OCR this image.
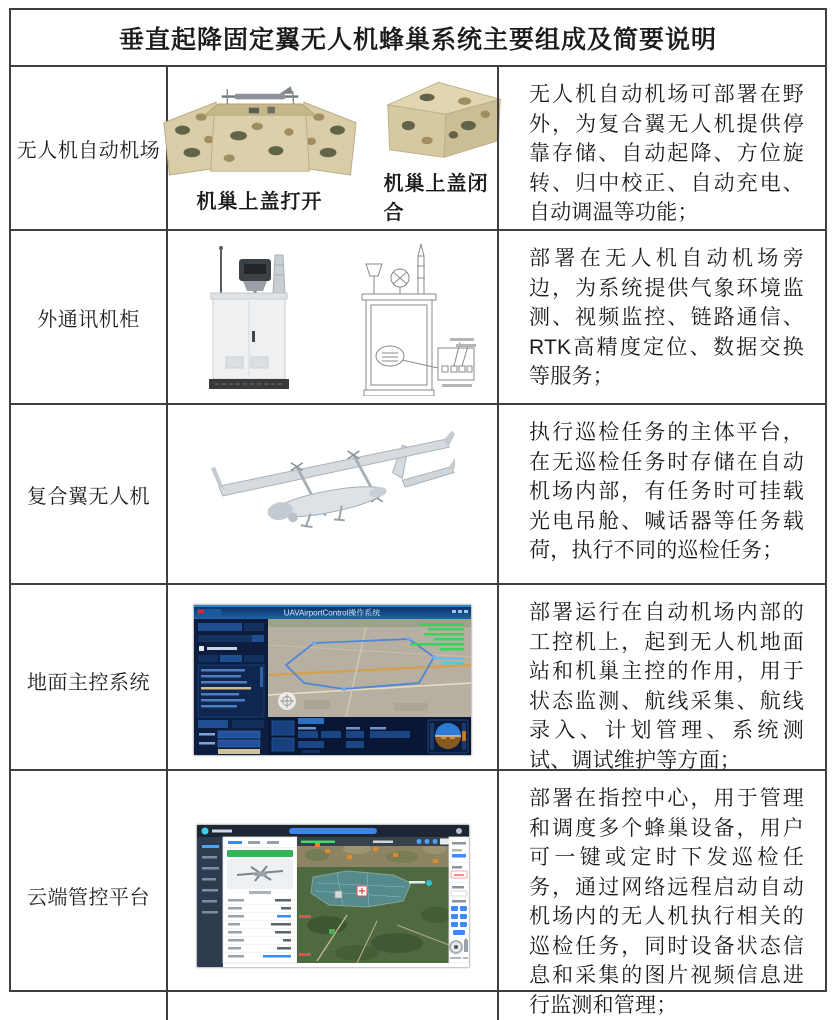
垂直起降固定翼无人机蜂巢系统主要组成及简要说明
无人机自动机场
机巢上盖打开
机巢上盖闭合
无人机自动机场可部署在野外，为复合翼无人机提供停靠存储、自动起降、方位旋转、归中校正、自动充电、自动调温等功能；
外通讯机柜
部署在无人机自动机场旁边，为系统提供气象环境监测、视频监控、链路通信、RTK高精度定位、数据交换等服务；
复合翼无人机
执行巡检任务的主体平台，在无巡检任务时存储在自动机场内部，有任务时可挂载光电吊舱、喊话器等任务载荷，执行不同的巡检任务；
地面主控系统
UAVAirportControl操作系统	部署运行在自动机场内部的工控机上，起到无人机地面站和机巢主控的作用，用于状态监测、航线采集、航线录入、计划管理、系统测试、调试维护等方面；
云端管控平台
部署在指控中心，用于管理和调度多个蜂巢设备，用户可一键或定时下发巡检任务，通过网络远程启动自动机场内的无人机执行相关的巡检任务，同时设备状态信息和采集的图片视频信息进行监测和管理；
